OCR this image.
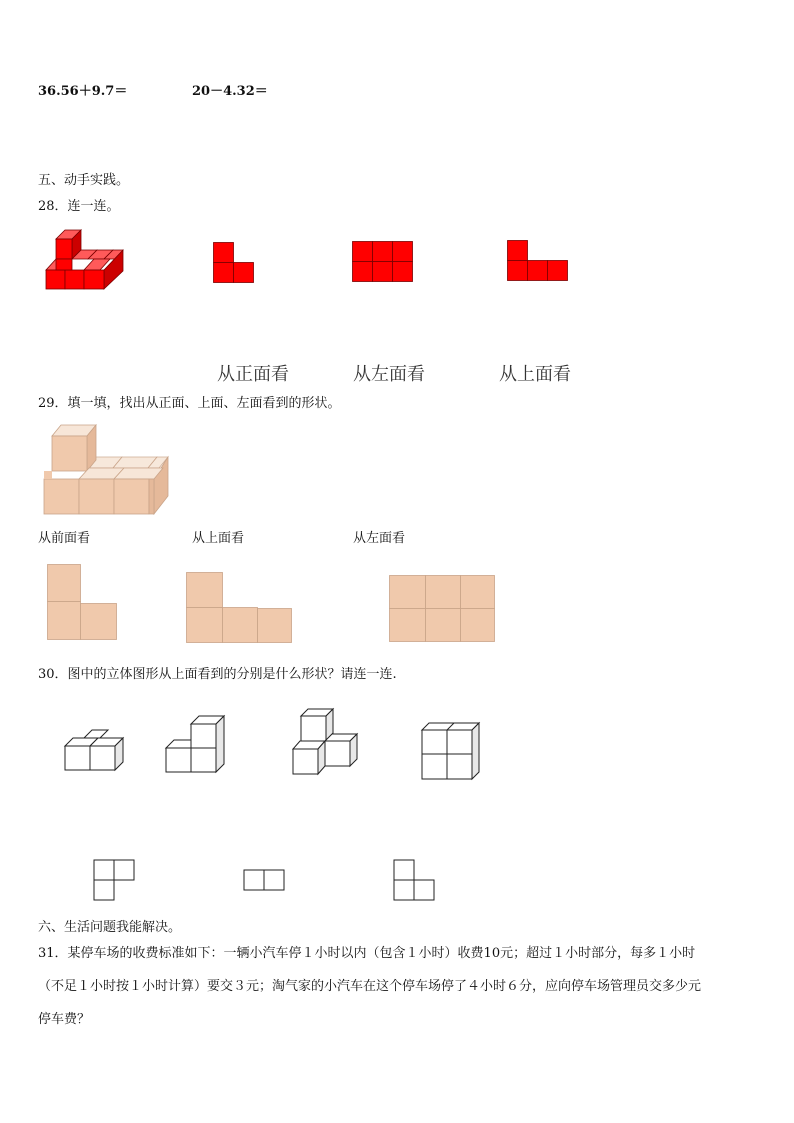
36.56＋9.7＝	20－4.32＝
五、动手实践。
28．连一连。
从正面看	从左面看	从上面看
29．填一填，找出从正面、上面、左面看到的形状。
从前面看	从上面看	从左面看
30．图中的立体图形从上面看到的分别是什么形状？请连一连.
六、生活问题我能解决。
31．某停车场的收费标准如下：一辆小汽车停１小时以内（包含１小时）收费10元；超过１小时部分，每多１小时
（不足１小时按１小时计算）要交３元；淘气家的小汽车在这个停车场停了４小时６分，应向停车场管理员交多少元
停车费？
